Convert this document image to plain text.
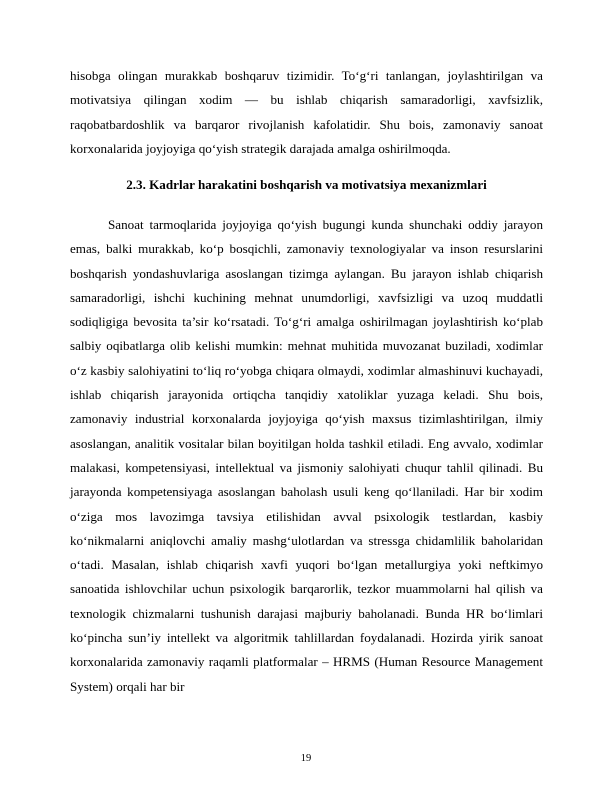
hisobga olingan murakkab boshqaruv tizimidir. To‘g‘ri tanlangan, joylashtirilgan va motivatsiya qilingan xodim — bu ishlab chiqarish samaradorligi, xavfsizlik, raqobatbardoshlik va barqaror rivojlanish kafolatidir. Shu bois, zamonaviy sanoat korxonalarida joyjoyiga qo‘yish strategik darajada amalga oshirilmoqda.

2.3. Kadrlar harakatini boshqarish va motivatsiya mexanizmlari

Sanoat tarmoqlarida joyjoyiga qo‘yish bugungi kunda shunchaki oddiy jarayon emas, balki murakkab, ko‘p bosqichli, zamonaviy texnologiyalar va inson resurslarini boshqarish yondashuvlariga asoslangan tizimga aylangan. Bu jarayon ishlab chiqarish samaradorligi, ishchi kuchining mehnat unumdorligi, xavfsizligi va uzoq muddatli sodiqligiga bevosita ta’sir ko‘rsatadi. To‘g‘ri amalga oshirilmagan joylashtirish ko‘plab salbiy oqibatlarga olib kelishi mumkin: mehnat muhitida muvozanat buziladi, xodimlar o‘z kasbiy salohiyatini to‘liq ro‘yobga chiqara olmaydi, xodimlar almashinuvi kuchayadi, ishlab chiqarish jarayonida ortiqcha tanqidiy xatoliklar yuzaga keladi. Shu bois, zamonaviy industrial korxonalarda joyjoyiga qo‘yish maxsus tizimlashtirilgan, ilmiy asoslangan, analitik vositalar bilan boyitilgan holda tashkil etiladi. Eng avvalo, xodimlar malakasi, kompetensiyasi, intellektual va jismoniy salohiyati chuqur tahlil qilinadi. Bu jarayonda kompetensiyaga asoslangan baholash usuli keng qo‘llaniladi. Har bir xodim o‘ziga mos lavozimga tavsiya etilishidan avval psixologik testlardan, kasbiy ko‘nikmalarni aniqlovchi amaliy mashg‘ulotlardan va stressga chidamlilik baholaridan o‘tadi. Masalan, ishlab chiqarish xavfi yuqori bo‘lgan metallurgiya yoki neftkimyo sanoatida ishlovchilar uchun psixologik barqarorlik, tezkor muammolarni hal qilish va texnologik chizmalarni tushunish darajasi majburiy baholanadi. Bunda HR bo‘limlari ko‘pincha sun’iy intellekt va algoritmik tahlillardan foydalanadi. Hozirda yirik sanoat korxonalarida zamonaviy raqamli platformalar – HRMS (Human Resource Management System) orqali har bir

19
